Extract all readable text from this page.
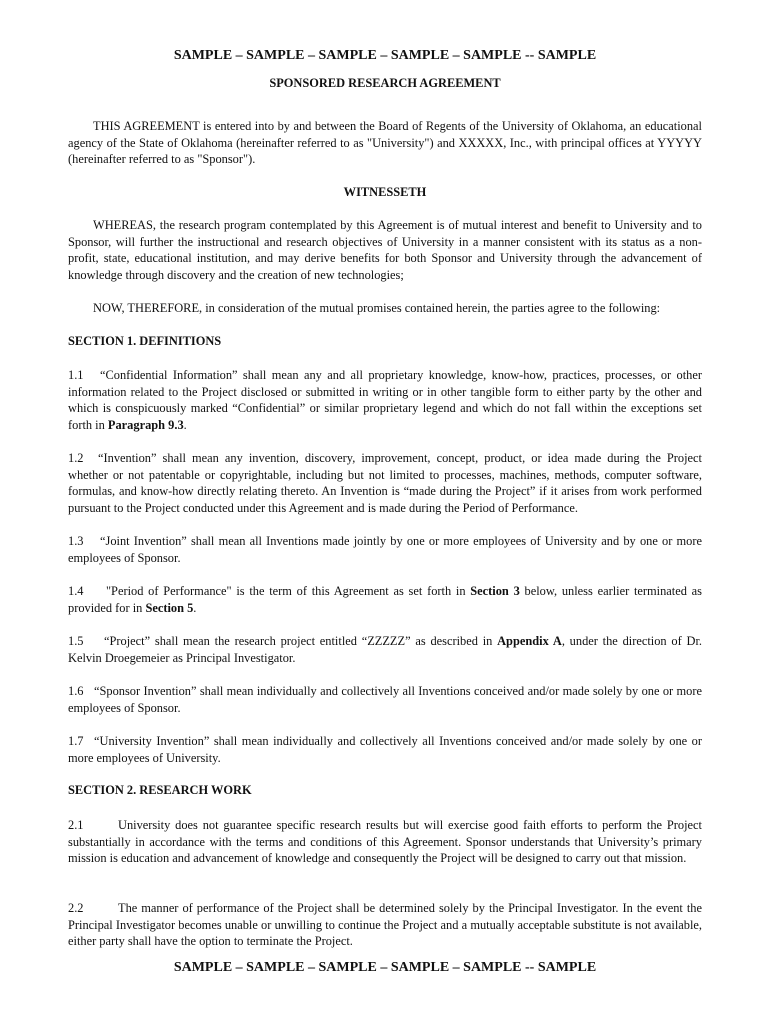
SAMPLE – SAMPLE – SAMPLE – SAMPLE – SAMPLE -- SAMPLE

SPONSORED RESEARCH AGREEMENT

THIS AGREEMENT is entered into by and between the Board of Regents of the University of Oklahoma, an educational agency of the State of Oklahoma (hereinafter referred to as "University") and XXXXX, Inc., with principal offices at YYYYY (hereinafter referred to as "Sponsor").

WITNESSETH

WHEREAS, the research program contemplated by this Agreement is of mutual interest and benefit to University and to Sponsor, will further the instructional and research objectives of University in a manner consistent with its status as a non-profit, state, educational institution, and may derive benefits for both Sponsor and University through the advancement of knowledge through discovery and the creation of new technologies;

NOW, THEREFORE, in consideration of the mutual promises contained herein, the parties agree to the following:

SECTION 1. DEFINITIONS

1.1 “Confidential Information” shall mean any and all proprietary knowledge, know-how, practices, processes, or other information related to the Project disclosed or submitted in writing or in other tangible form to either party by the other and which is conspicuously marked “Confidential” or similar proprietary legend and which do not fall within the exceptions set forth in Paragraph 9.3.

1.2 “Invention” shall mean any invention, discovery, improvement, concept, product, or idea made during the Project whether or not patentable or copyrightable, including but not limited to processes, machines, methods, computer software, formulas, and know-how directly relating thereto. An Invention is “made during the Project” if it arises from work performed pursuant to the Project conducted under this Agreement and is made during the Period of Performance.

1.3 “Joint Invention” shall mean all Inventions made jointly by one or more employees of University and by one or more employees of Sponsor.

1.4 "Period of Performance" is the term of this Agreement as set forth in Section 3 below, unless earlier terminated as provided for in Section 5.

1.5 “Project” shall mean the research project entitled “ZZZZZ” as described in Appendix A, under the direction of Dr. Kelvin Droegemeier as Principal Investigator.

1.6 “Sponsor Invention” shall mean individually and collectively all Inventions conceived and/or made solely by one or more employees of Sponsor.

1.7 “University Invention” shall mean individually and collectively all Inventions conceived and/or made solely by one or more employees of University.

SECTION 2. RESEARCH WORK

2.1	University does not guarantee specific research results but will exercise good faith efforts to perform the Project substantially in accordance with the terms and conditions of this Agreement. Sponsor understands that University’s primary mission is education and advancement of knowledge and consequently the Project will be designed to carry out that mission.

2.2	The manner of performance of the Project shall be determined solely by the Principal Investigator. In the event the Principal Investigator becomes unable or unwilling to continue the Project and a mutually acceptable substitute is not available, either party shall have the option to terminate the Project.

SAMPLE – SAMPLE – SAMPLE – SAMPLE – SAMPLE -- SAMPLE
